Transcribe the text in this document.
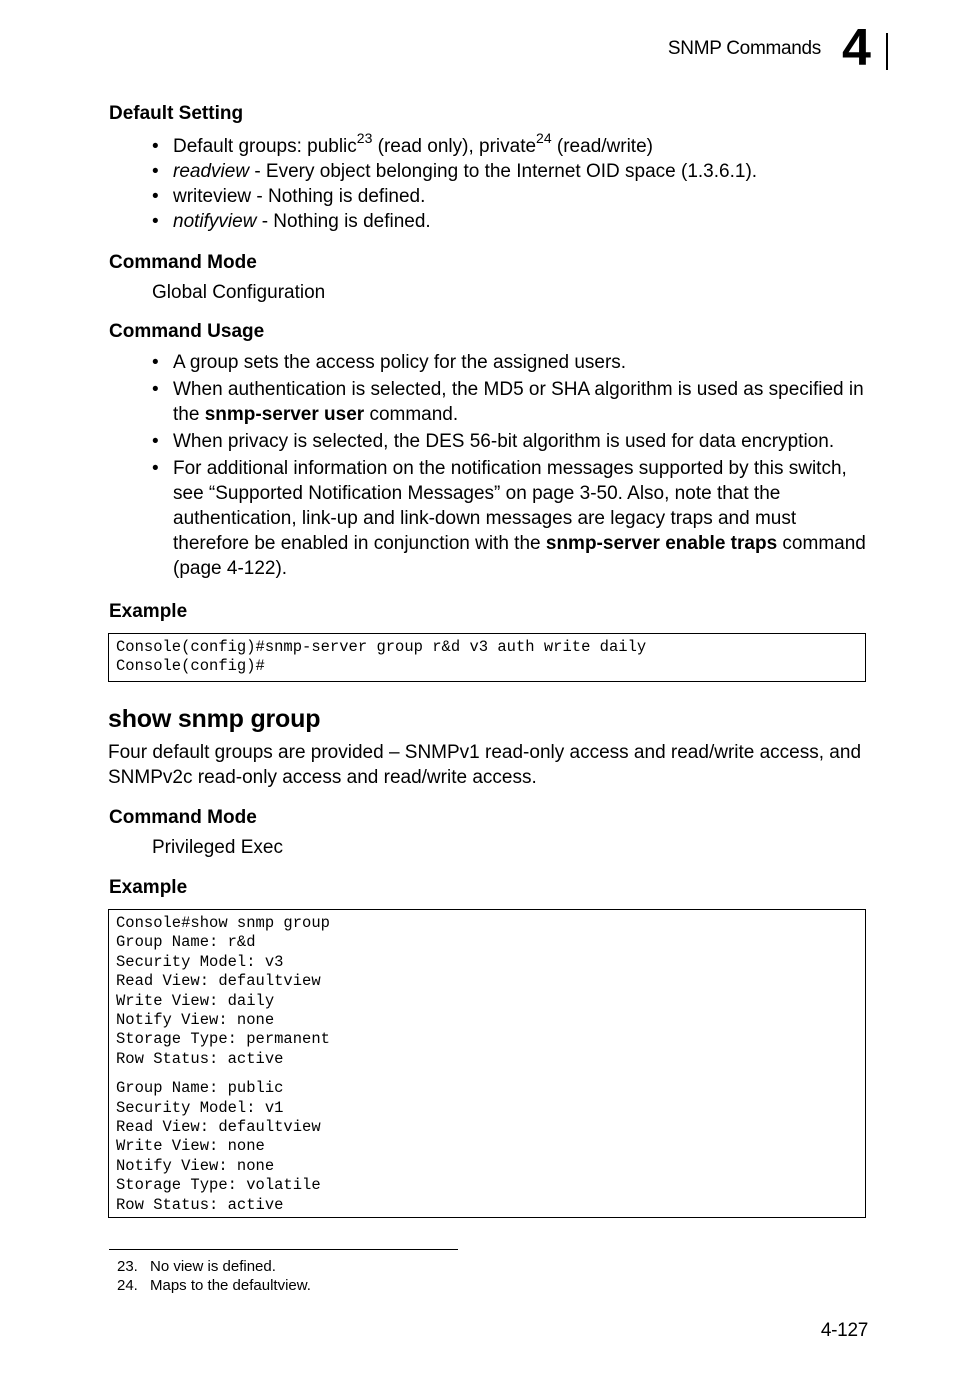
SNMP Commands 4
Default Setting
• Default groups: public$^{23}$ (read only), private$^{24}$ (read/write)
• readview - Every object belonging to the Internet OID space (1.3.6.1).
• writeview - Nothing is defined.
• notifyview - Nothing is defined.
Command Mode
Global Configuration
Command Usage
• A group sets the access policy for the assigned users.
• When authentication is selected, the MD5 or SHA algorithm is used as specified in the snmp-server user command.
• When privacy is selected, the DES 56-bit algorithm is used for data encryption.
• For additional information on the notification messages supported by this switch, see “Supported Notification Messages” on page 3-50. Also, note that the authentication, link-up and link-down messages are legacy traps and must therefore be enabled in conjunction with the snmp-server enable traps command (page 4-122).
Example
Console(config)#snmp-server group r&d v3 auth write daily
Console(config)#
show snmp group
Four default groups are provided – SNMPv1 read-only access and read/write access, and SNMPv2c read-only access and read/write access.
Command Mode
Privileged Exec
Example
Console#show snmp group
Group Name: r&d
Security Model: v3
Read View: defaultview
Write View: daily
Notify View: none
Storage Type: permanent
Row Status: active
Group Name: public
Security Model: v1
Read View: defaultview
Write View: none
Notify View: none
Storage Type: volatile
Row Status: active
23. No view is defined.
24. Maps to the defaultview.
4-127
